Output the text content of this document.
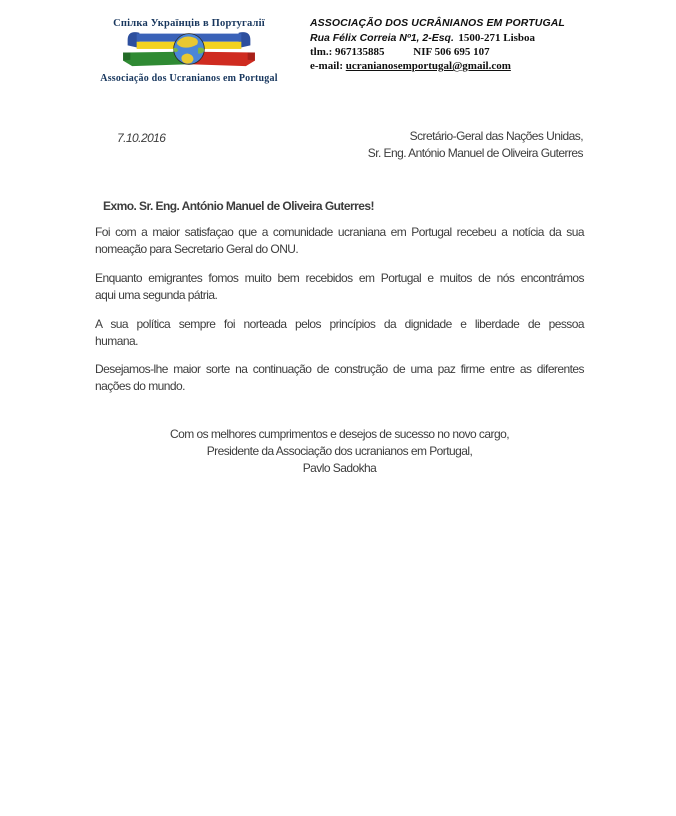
Спілка Українців в Португалії
Associação dos Ucranianos em Portugal
ASSOCIAÇÃO DOS UCRÂNIANOS EM PORTUGAL
Rua Félix Correia Nº1, 2-Esq. 1500-271 Lisboa
tlm.: 967135885	NIF 506 695 107
e-mail: ucranianosemportugal@gmail.com
7.10.2016	Scretário-Geral das Nações Unidas,
Sr. Eng. António Manuel de Oliveira Guterres
Exmo. Sr. Eng. António Manuel de Oliveira Guterres!
Foi com a maior satisfaçao que a comunidade ucraniana em Portugal recebeu a notícia da sua
nomeação para Secretario Geral do ONU.
Enquanto emigrantes fomos muito bem recebidos em Portugal e muitos de nós encontrámos
aqui uma segunda pátria.
A sua política sempre foi norteada pelos princípios da dignidade e liberdade de pessoa
humana.
Desejamos-lhe maior sorte na continuação de construção de uma paz firme entre as diferentes
nações do mundo.
Com os melhores cumprimentos e desejos de sucesso no novo cargo,
Presidente da Associação dos ucranianos em Portugal,
Pavlo Sadokha
